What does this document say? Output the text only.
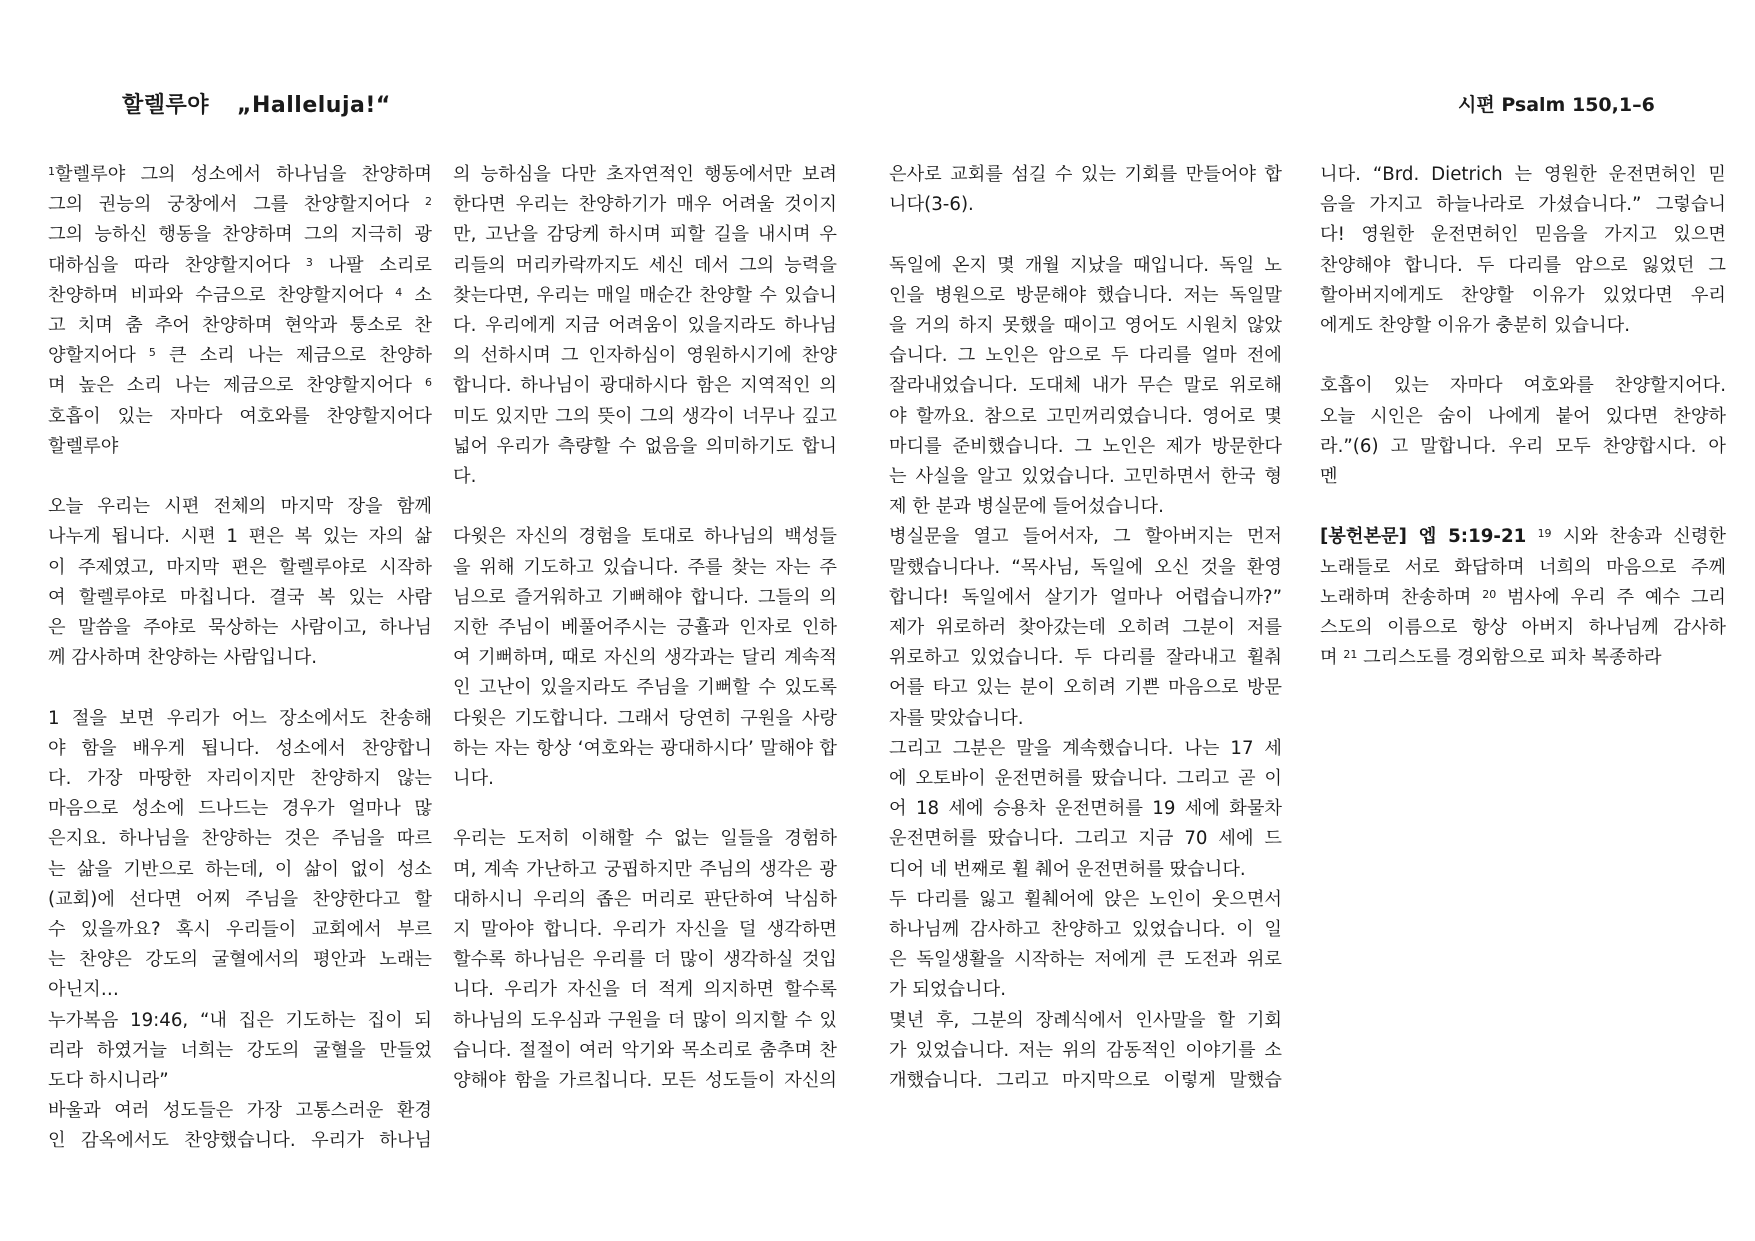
할렐루야 „Halleluja!“	시편 Psalm 150,1–6

$^1$할렐루야 그의 성소에서 하나님을 찬양하며
그의 권능의 궁창에서 그를 찬양할지어다 $^2$
그의 능하신 행동을 찬양하며 그의 지극히 광
대하심을 따라 찬양할지어다 $^3$ 나팔 소리로
찬양하며 비파와 수금으로 찬양할지어다 $^4$ 소
고 치며 춤 추어 찬양하며 현악과 퉁소로 찬
양할지어다 $^5$ 큰 소리 나는 제금으로 찬양하
며 높은 소리 나는 제금으로 찬양할지어다 $^6$
호흡이 있는 자마다 여호와를 찬양할지어다
할렐루야

오늘 우리는 시편 전체의 마지막 장을 함께
나누게 됩니다. 시편 1 편은 복 있는 자의 삶
이 주제였고, 마지막 편은 할렐루야로 시작하
여 할렐루야로 마칩니다. 결국 복 있는 사람
은 말씀을 주야로 묵상하는 사람이고, 하나님
께 감사하며 찬양하는 사람입니다.

1 절을 보면 우리가 어느 장소에서도 찬송해
야 함을 배우게 됩니다. 성소에서 찬양합니
다. 가장 마땅한 자리이지만 찬양하지 않는
마음으로 성소에 드나드는 경우가 얼마나 많
은지요. 하나님을 찬양하는 것은 주님을 따르
는 삶을 기반으로 하는데, 이 삶이 없이 성소
(교회)에 선다면 어찌 주님을 찬양한다고 할
수 있을까요? 혹시 우리들이 교회에서 부르
는 찬양은 강도의 굴혈에서의 평안과 노래는
아닌지…
누가복음 19:46, “내 집은 기도하는 집이 되
리라 하였거늘 너희는 강도의 굴혈을 만들었
도다 하시니라”
바울과 여러 성도들은 가장 고통스러운 환경
인 감옥에서도 찬양했습니다. 우리가 하나님

의 능하심을 다만 초자연적인 행동에서만 보려
한다면 우리는 찬양하기가 매우 어려울 것이지
만, 고난을 감당케 하시며 피할 길을 내시며 우
리들의 머리카락까지도 세신 데서 그의 능력을
찾는다면, 우리는 매일 매순간 찬양할 수 있습니
다. 우리에게 지금 어려움이 있을지라도 하나님
의 선하시며 그 인자하심이 영원하시기에 찬양
합니다. 하나님이 광대하시다 함은 지역적인 의
미도 있지만 그의 뜻이 그의 생각이 너무나 깊고
넓어 우리가 측량할 수 없음을 의미하기도 합니
다.

다윗은 자신의 경험을 토대로 하나님의 백성들
을 위해 기도하고 있습니다. 주를 찾는 자는 주
님으로 즐거워하고 기뻐해야 합니다. 그들의 의
지한 주님이 베풀어주시는 긍휼과 인자로 인하
여 기뻐하며, 때로 자신의 생각과는 달리 계속적
인 고난이 있을지라도 주님을 기뻐할 수 있도록
다윗은 기도합니다. 그래서 당연히 구원을 사랑
하는 자는 항상 ‘여호와는 광대하시다’ 말해야 합
니다.

우리는 도저히 이해할 수 없는 일들을 경험하
며, 계속 가난하고 궁핍하지만 주님의 생각은 광
대하시니 우리의 좁은 머리로 판단하여 낙심하
지 말아야 합니다. 우리가 자신을 덜 생각하면
할수록 하나님은 우리를 더 많이 생각하실 것입
니다. 우리가 자신을 더 적게 의지하면 할수록
하나님의 도우심과 구원을 더 많이 의지할 수 있
습니다. 절절이 여러 악기와 목소리로 춤추며 찬
양해야 함을 가르칩니다. 모든 성도들이 자신의

은사로 교회를 섬길 수 있는 기회를 만들어야 합
니다(3-6).

독일에 온지 몇 개월 지났을 때입니다. 독일 노
인을 병원으로 방문해야 했습니다. 저는 독일말
을 거의 하지 못했을 때이고 영어도 시원치 않았
습니다. 그 노인은 암으로 두 다리를 얼마 전에
잘라내었습니다. 도대체 내가 무슨 말로 위로해
야 할까요. 참으로 고민꺼리였습니다. 영어로 몇
마디를 준비했습니다. 그 노인은 제가 방문한다
는 사실을 알고 있었습니다. 고민하면서 한국 형
제 한 분과 병실문에 들어섰습니다.
병실문을 열고 들어서자, 그 할아버지는 먼저
말했습니다나. “목사님, 독일에 오신 것을 환영
합니다! 독일에서 살기가 얼마나 어렵습니까?”
제가 위로하러 찾아갔는데 오히려 그분이 저를
위로하고 있었습니다. 두 다리를 잘라내고 휠춰
어를 타고 있는 분이 오히려 기쁜 마음으로 방문
자를 맞았습니다.
그리고 그분은 말을 계속했습니다. 나는 17 세
에 오토바이 운전면허를 땄습니다. 그리고 곧 이
어 18 세에 승용차 운전면허를 19 세에 화물차
운전면허를 땄습니다. 그리고 지금 70 세에 드
디어 네 번째로 휠 췌어 운전면허를 땄습니다.
두 다리를 잃고 휠췌어에 앉은 노인이 웃으면서
하나님께 감사하고 찬양하고 있었습니다. 이 일
은 독일생활을 시작하는 저에게 큰 도전과 위로
가 되었습니다.
몇년 후, 그분의 장례식에서 인사말을 할 기회
가 있었습니다. 저는 위의 감동적인 이야기를 소
개했습니다. 그리고 마지막으로 이렇게 말했습

니다. “Brd. Dietrich 는 영원한 운전면허인 믿
음을 가지고 하늘나라로 가셨습니다.” 그렇습니
다! 영원한 운전면허인 믿음을 가지고 있으면
찬양해야 합니다. 두 다리를 암으로 잃었던 그
할아버지에게도 찬양할 이유가 있었다면 우리
에게도 찬양할 이유가 충분히 있습니다.

호흡이 있는 자마다 여호와를 찬양할지어다.
오늘 시인은 숨이 나에게 붙어 있다면 찬양하
라.”(6) 고 말합니다. 우리 모두 찬양합시다. 아
멘

[봉헌본문] 엡 5:19-21 $^{19}$ 시와 찬송과 신령한
노래들로 서로 화답하며 너희의 마음으로 주께
노래하며 찬송하며 $^{20}$ 범사에 우리 주 예수 그리
스도의 이름으로 항상 아버지 하나님께 감사하
며 $^{21}$ 그리스도를 경외함으로 피차 복종하라
